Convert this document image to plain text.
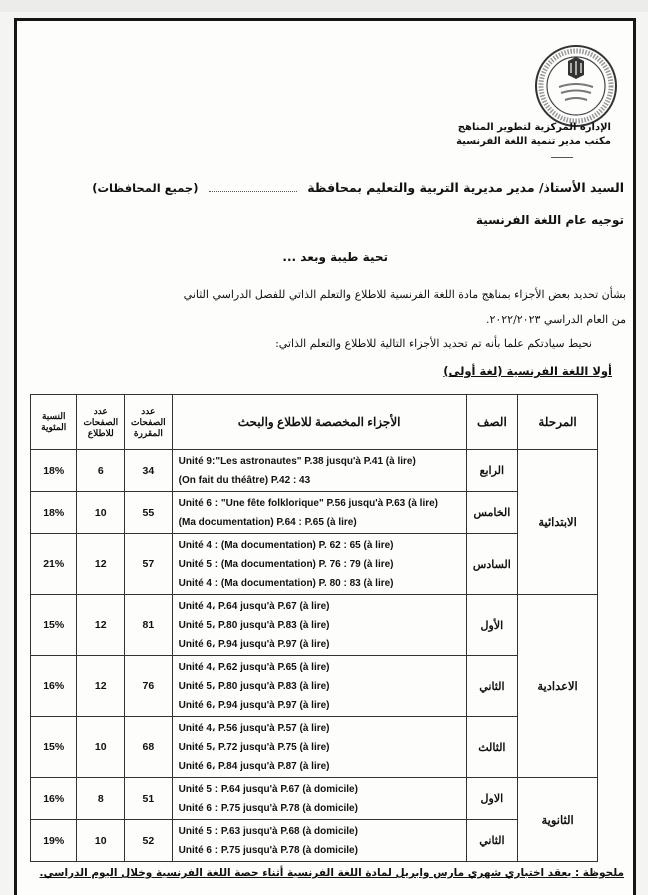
الإدارة المركزية لتطوير المناهج
مكتب مدير تنمية اللغة الفرنسية
السيد الأستاذ/ مدير مديرية التربية والتعليم بمحافظة  (جميع المحافظات)
توجيه عام اللغة الفرنسية
تحية طيبة وبعد ...
بشأن تحديد بعض الأجزاء بمناهج مادة اللغة الفرنسية للاطلاع والتعلم الذاتي للفصل الدراسي الثاني
من العام الدراسي ٢٠٢٢/٢٠٢٣.
نحيط سيادتكم علما بأنه تم تحديد الأجزاء التالية للاطلاع والتعلم الذاتي:
أولا اللغة الفرنسية (لغة أولى)
المرحلة	الصف	الأجزاء المخصصة للاطلاع والبحث	عدد الصفحات المقررة	عدد الصفحات للاطلاع	النسبة المئوية
الابتدائية	الرابع	Unité 9:"Les astronautes" P.38 jusqu'à P.41 (à lire)
(On fait du théâtre) P.42 : 43	34	6	18%
	الخامس	Unité 6 : "Une fête folklorique" P.56 jusqu'à P.63 (à lire)
(Ma documentation) P.64 : P.65 (à lire)	55	10	18%
	السادس	Unité 4 : (Ma documentation) P. 62 : 65 (à lire)
Unité 5 : (Ma documentation) P. 76 : 79 (à lire)
Unité 4 : (Ma documentation) P. 80 : 83 (à lire)	57	12	21%
الاعدادية	الأول	Unité 4، P.64 jusqu'à P.67 (à lire)
Unité 5، P.80 jusqu'à P.83 (à lire)
Unité 6، P.94 jusqu'à P.97 (à lire)	81	12	15%
	الثاني	Unité 4، P.62 jusqu'à P.65 (à lire)
Unité 5، P.80 jusqu'à P.83 (à lire)
Unité 6، P.94 jusqu'à P.97 (à lire)	76	12	16%
	الثالث	Unité 4، P.56 jusqu'à P.57 (à lire)
Unité 5، P.72 jusqu'à P.75 (à lire)
Unité 6، P.84 jusqu'à P.87 (à lire)	68	10	15%
الثانوية	الاول	Unité 5 : P.64 jusqu'à P.67 (à domicile)
Unité 6 : P.75 jusqu'à P.78 (à domicile)	51	8	16%
	الثاني	Unité 5 : P.63 jusqu'à P.68 (à domicile)
Unité 6 : P.75 jusqu'à P.78 (à domicile)	52	10	19%
ملحوظة : يعقد اختباري شهري مارس وابريل لمادة اللغة الفرنسية أثناء حصة اللغة الفرنسية وخلال اليوم الدراسي.
